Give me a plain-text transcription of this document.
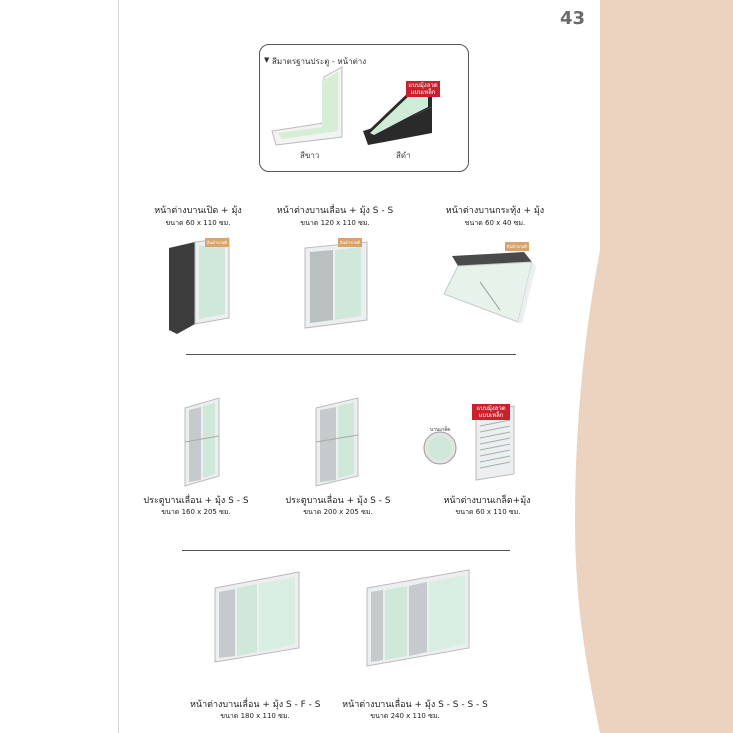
43
▼ สีมาตรฐานประตู - หน้าต่าง
แบบมุ้งลวด แบบเหล็ก
สีขาว	สีดำ
หน้าต่างบานเปิด + มุ้ง
ขนาด 60 x 110 ซม.
สินค้าขายดี
หน้าต่างบานเลื่อน + มุ้ง S - S
ขนาด 120 x 110 ซม.
สินค้าขายดี
หน้าต่างบานกระทุ้ง + มุ้ง
ขนาด 60 x 40 ซม.
สินค้าขายดี
ประตูบานเลื่อน + มุ้ง S - S
ขนาด 160 x 205 ซม.
ประตูบานเลื่อน + มุ้ง S - S
ขนาด 200 x 205 ซม.
แบบมุ้งลวด แบบเหล็ก
บานเกล็ด
หน้าต่างบานเกล็ด+มุ้ง
ขนาด 60 x 110 ซม.
หน้าต่างบานเลื่อน + มุ้ง S - F - S
ขนาด 180 x 110 ซม.
หน้าต่างบานเลื่อน + มุ้ง S - S - S - S
ขนาด 240 x 110 ซม.
